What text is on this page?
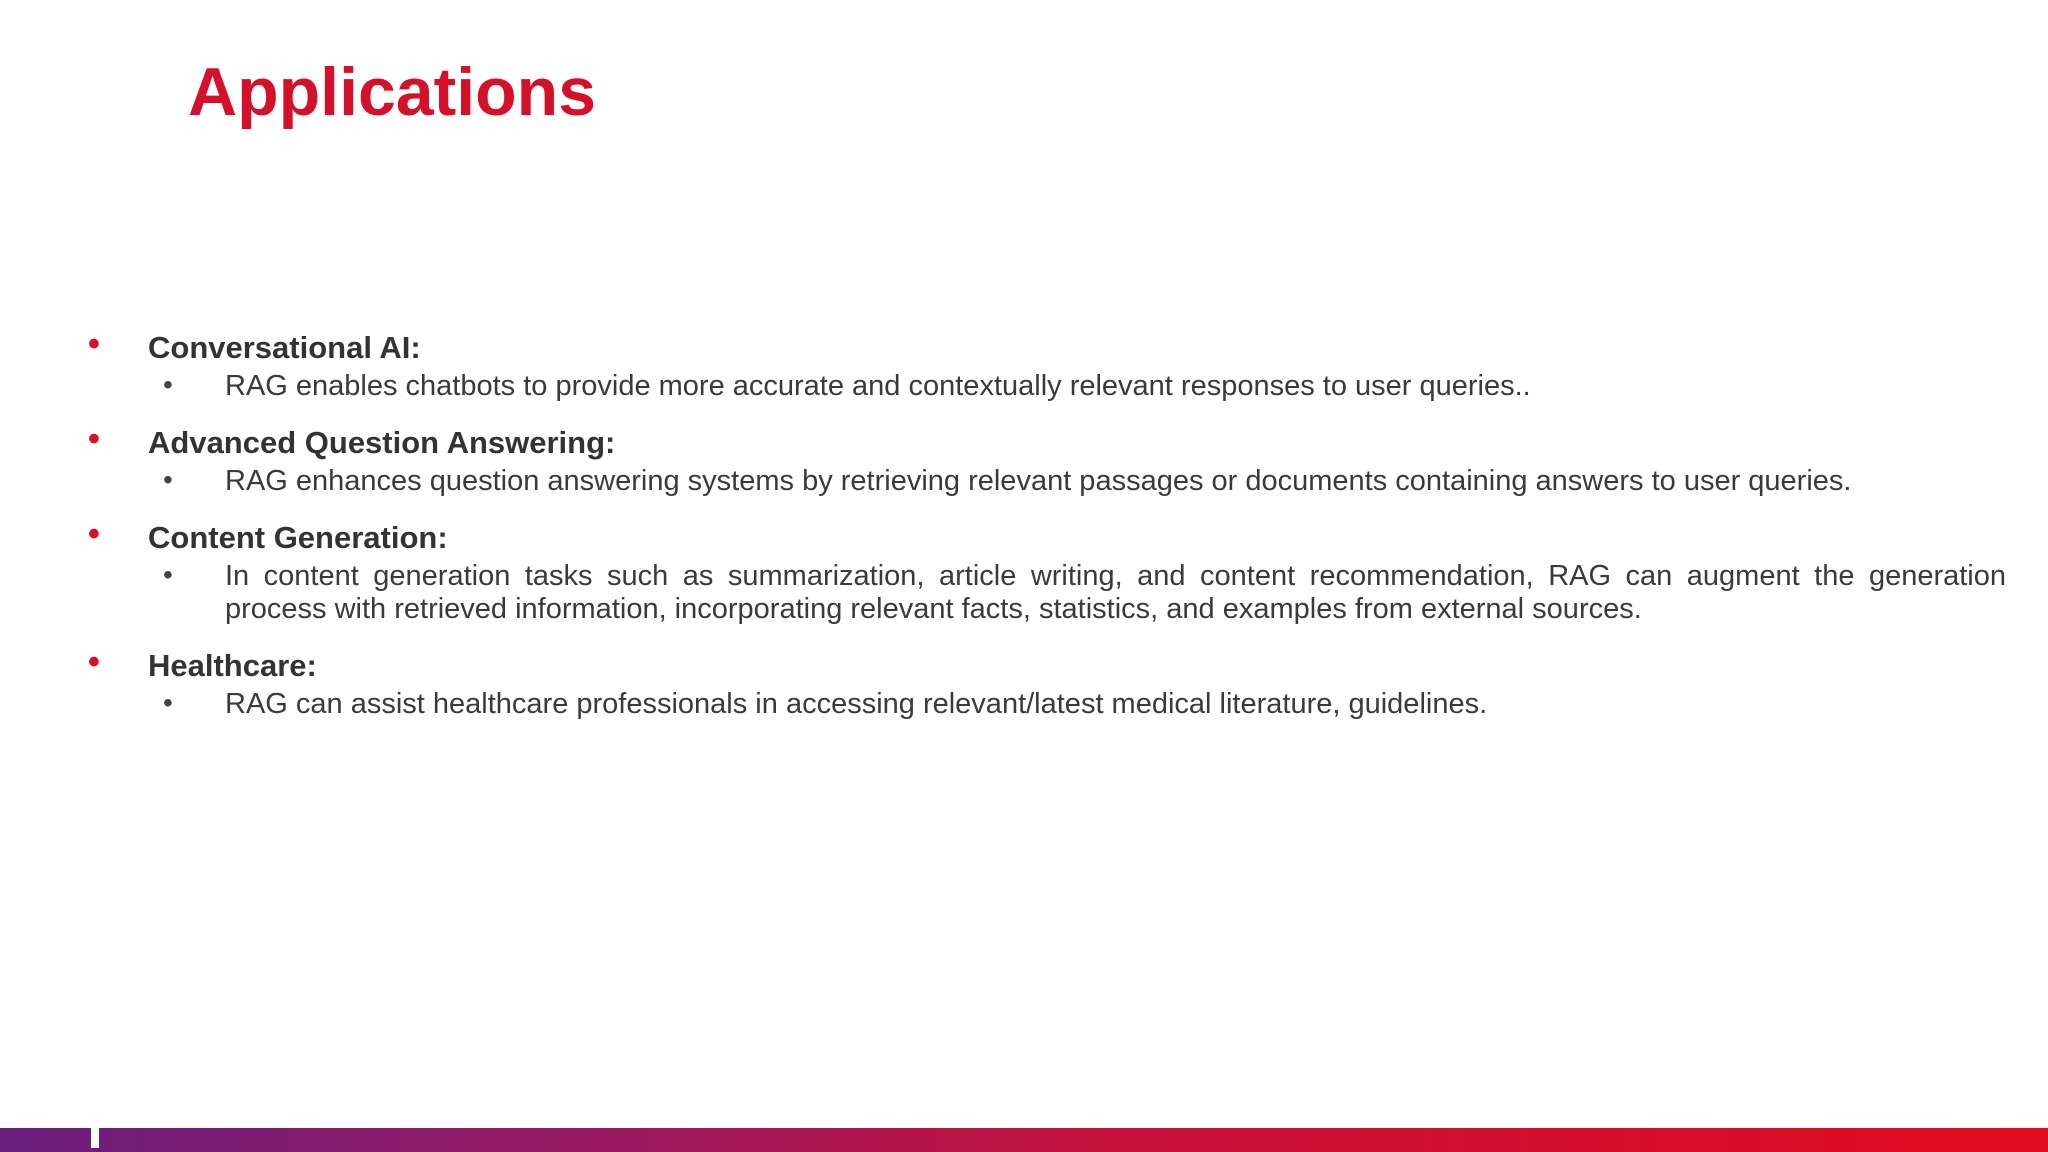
Applications
• Conversational AI:
• RAG enables chatbots to provide more accurate and contextually relevant responses to user queries..
• Advanced Question Answering:
• RAG enhances question answering systems by retrieving relevant passages or documents containing answers to user queries.
• Content Generation:
• In content generation tasks such as summarization, article writing, and content recommendation, RAG can augment the generation process with retrieved information, incorporating relevant facts, statistics, and examples from external sources.
• Healthcare:
• RAG can assist healthcare professionals in accessing relevant/latest medical literature, guidelines.
